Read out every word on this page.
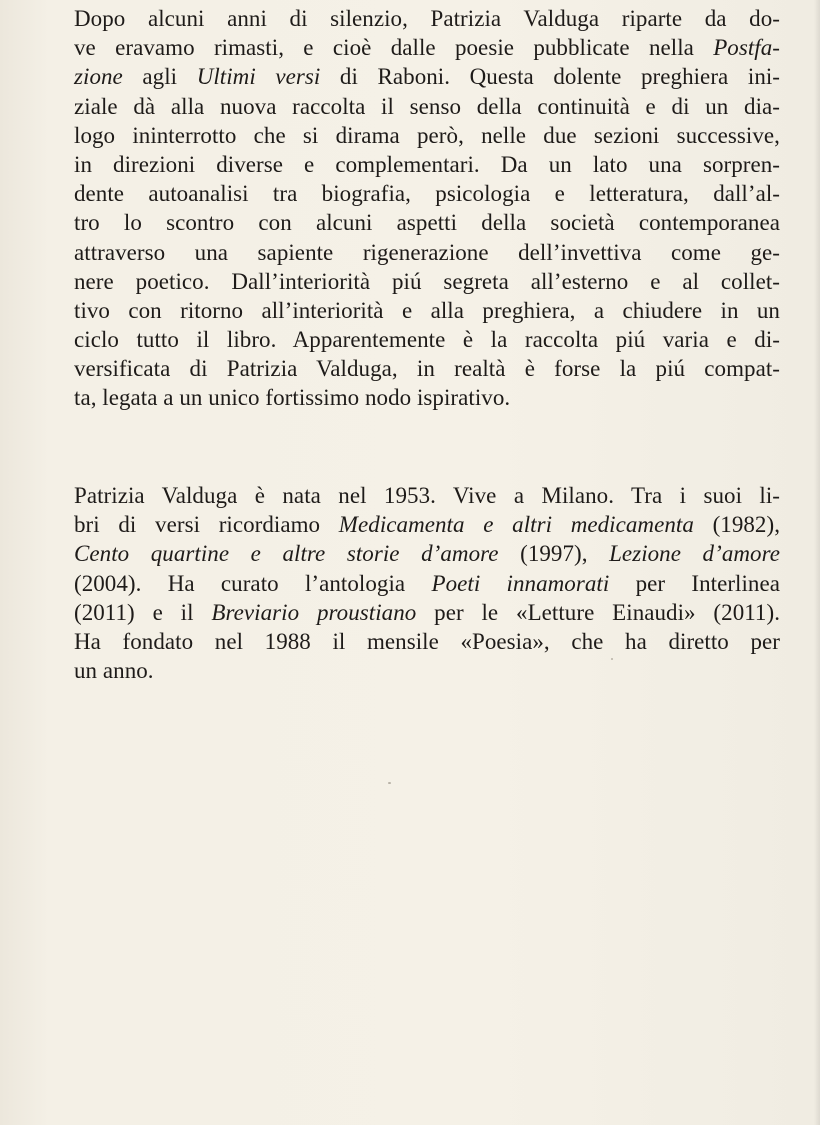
Dopo alcuni anni di silenzio, Patrizia Valduga riparte da do-
ve eravamo rimasti, e cioè dalle poesie pubblicate nella Postfa-
zione agli Ultimi versi di Raboni. Questa dolente preghiera ini-
ziale dà alla nuova raccolta il senso della continuità e di un dia-
logo ininterrotto che si dirama però, nelle due sezioni successive,
in direzioni diverse e complementari. Da un lato una sorpren-
dente autoanalisi tra biografia, psicologia e letteratura, dall’al-
tro lo scontro con alcuni aspetti della società contemporanea
attraverso una sapiente rigenerazione dell’invettiva come ge-
nere poetico. Dall’interiorità piú segreta all’esterno e al collet-
tivo con ritorno all’interiorità e alla preghiera, a chiudere in un
ciclo tutto il libro. Apparentemente è la raccolta piú varia e di-
versificata di Patrizia Valduga, in realtà è forse la piú compat-
ta, legata a un unico fortissimo nodo ispirativo.
Patrizia Valduga è nata nel 1953. Vive a Milano. Tra i suoi li-
bri di versi ricordiamo Medicamenta e altri medicamenta (1982),
Cento quartine e altre storie d’amore (1997), Lezione d’amore
(2004). Ha curato l’antologia Poeti innamorati per Interlinea
(2011) e il Breviario proustiano per le «Letture Einaudi» (2011).
Ha fondato nel 1988 il mensile «Poesia», che ha diretto per
un anno.
